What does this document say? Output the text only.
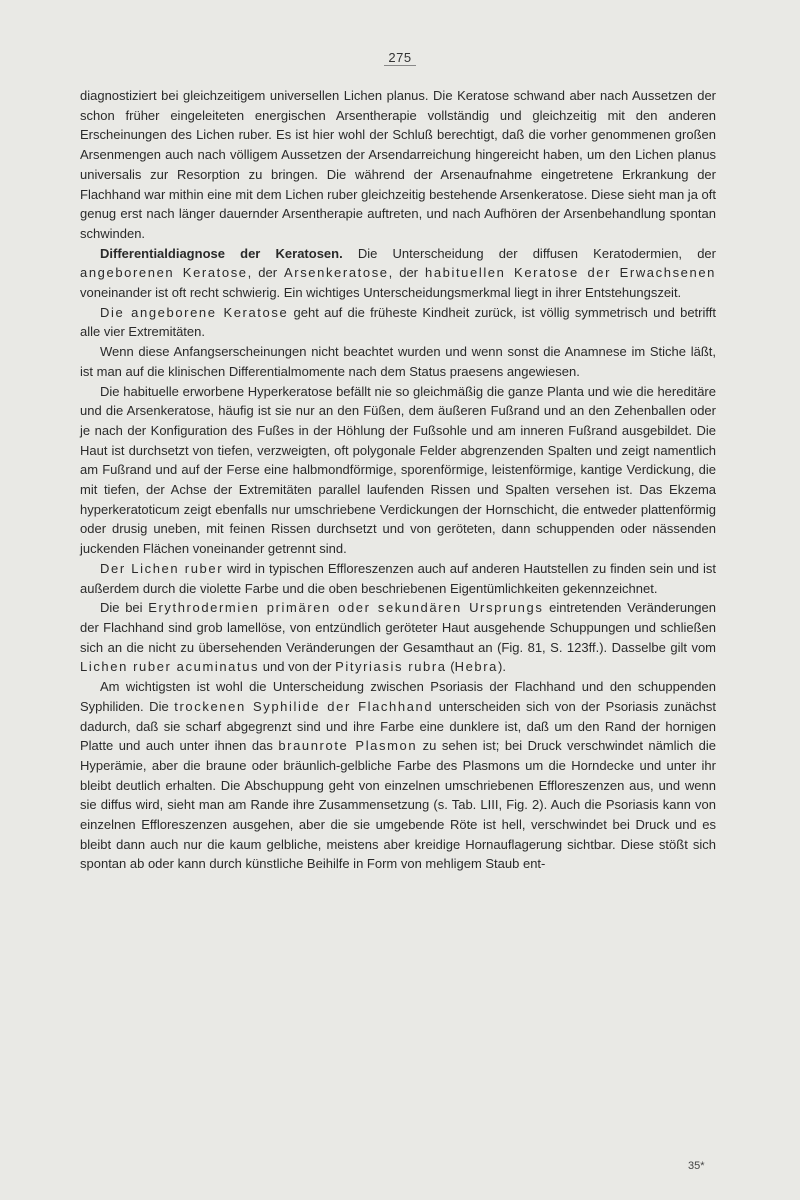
275

diagnostiziert bei gleichzeitigem universellen Lichen planus. Die Keratose schwand aber nach Aussetzen der schon früher eingeleiteten energischen Arsentherapie vollständig und gleichzeitig mit den anderen Erscheinungen des Lichen ruber. Es ist hier wohl der Schluß berechtigt, daß die vorher genommenen großen Arsenmengen auch nach völligem Aussetzen der Arsendarreichung hingereicht haben, um den Lichen planus universalis zur Resorption zu bringen. Die während der Arsenaufnahme eingetretene Erkrankung der Flachhand war mithin eine mit dem Lichen ruber gleichzeitig bestehende Arsenkeratose. Diese sieht man ja oft genug erst nach länger dauernder Arsentherapie auftreten, und nach Aufhören der Arsenbehandlung spontan schwinden.

Differentialdiagnose der Keratosen. Die Unterscheidung der diffusen Keratodermien, der angeborenen Keratose, der Arsenkeratose, der habituellen Keratose der Erwachsenen voneinander ist oft recht schwierig. Ein wichtiges Unterscheidungsmerkmal liegt in ihrer Entstehungszeit.

Die angeborene Keratose geht auf die früheste Kindheit zurück, ist völlig symmetrisch und betrifft alle vier Extremitäten.

Wenn diese Anfangserscheinungen nicht beachtet wurden und wenn sonst die Anamnese im Stiche läßt, ist man auf die klinischen Differentialmomente nach dem Status praesens angewiesen.

Die habituelle erworbene Hyperkeratose befällt nie so gleichmäßig die ganze Planta und wie die hereditäre und die Arsenkeratose, häufig ist sie nur an den Füßen, dem äußeren Fußrand und an den Zehenballen oder je nach der Konfiguration des Fußes in der Höhlung der Fußsohle und am inneren Fußrand ausgebildet. Die Haut ist durchsetzt von tiefen, verzweigten, oft polygonale Felder abgrenzenden Spalten und zeigt namentlich am Fußrand und auf der Ferse eine halbmondförmige, sporenförmige, leistenförmige, kantige Verdickung, die mit tiefen, der Achse der Extremitäten parallel laufenden Rissen und Spalten versehen ist. Das Ekzema hyperkeratoticum zeigt ebenfalls nur umschriebene Verdickungen der Hornschicht, die entweder plattenförmig oder drusig uneben, mit feinen Rissen durchsetzt und von geröteten, dann schuppenden oder nässenden juckenden Flächen voneinander getrennt sind.

Der Lichen ruber wird in typischen Effloreszenzen auch auf anderen Hautstellen zu finden sein und ist außerdem durch die violette Farbe und die oben beschriebenen Eigentümlichkeiten gekennzeichnet.

Die bei Erythrodermien primären oder sekundären Ursprungs eintretenden Veränderungen der Flachhand sind grob lamellöse, von entzündlich geröteter Haut ausgehende Schuppungen und schließen sich an die nicht zu übersehenden Veränderungen der Gesamthaut an (Fig. 81, S. 123ff.). Dasselbe gilt vom Lichen ruber acuminatus und von der Pityriasis rubra (Hebra).

Am wichtigsten ist wohl die Unterscheidung zwischen Psoriasis der Flachhand und den schuppenden Syphiliden. Die trockenen Syphilide der Flachhand unterscheiden sich von der Psoriasis zunächst dadurch, daß sie scharf abgegrenzt sind und ihre Farbe eine dunklere ist, daß um den Rand der hornigen Platte und auch unter ihnen das braunrote Plasmon zu sehen ist; bei Druck verschwindet nämlich die Hyperämie, aber die braune oder bräunlich-gelbliche Farbe des Plasmons um die Horndecke und unter ihr bleibt deutlich erhalten. Die Abschuppung geht von einzelnen umschriebenen Effloreszenzen aus, und wenn sie diffus wird, sieht man am Rande ihre Zusammensetzung (s. Tab. LIII, Fig. 2). Auch die Psoriasis kann von einzelnen Effloreszenzen ausgehen, aber die sie umgebende Röte ist hell, verschwindet bei Druck und es bleibt dann auch nur die kaum gelbliche, meistens aber kreidige Hornauflagerung sichtbar. Diese stößt sich spontan ab oder kann durch künstliche Beihilfe in Form von mehligem Staub ent-

35*
